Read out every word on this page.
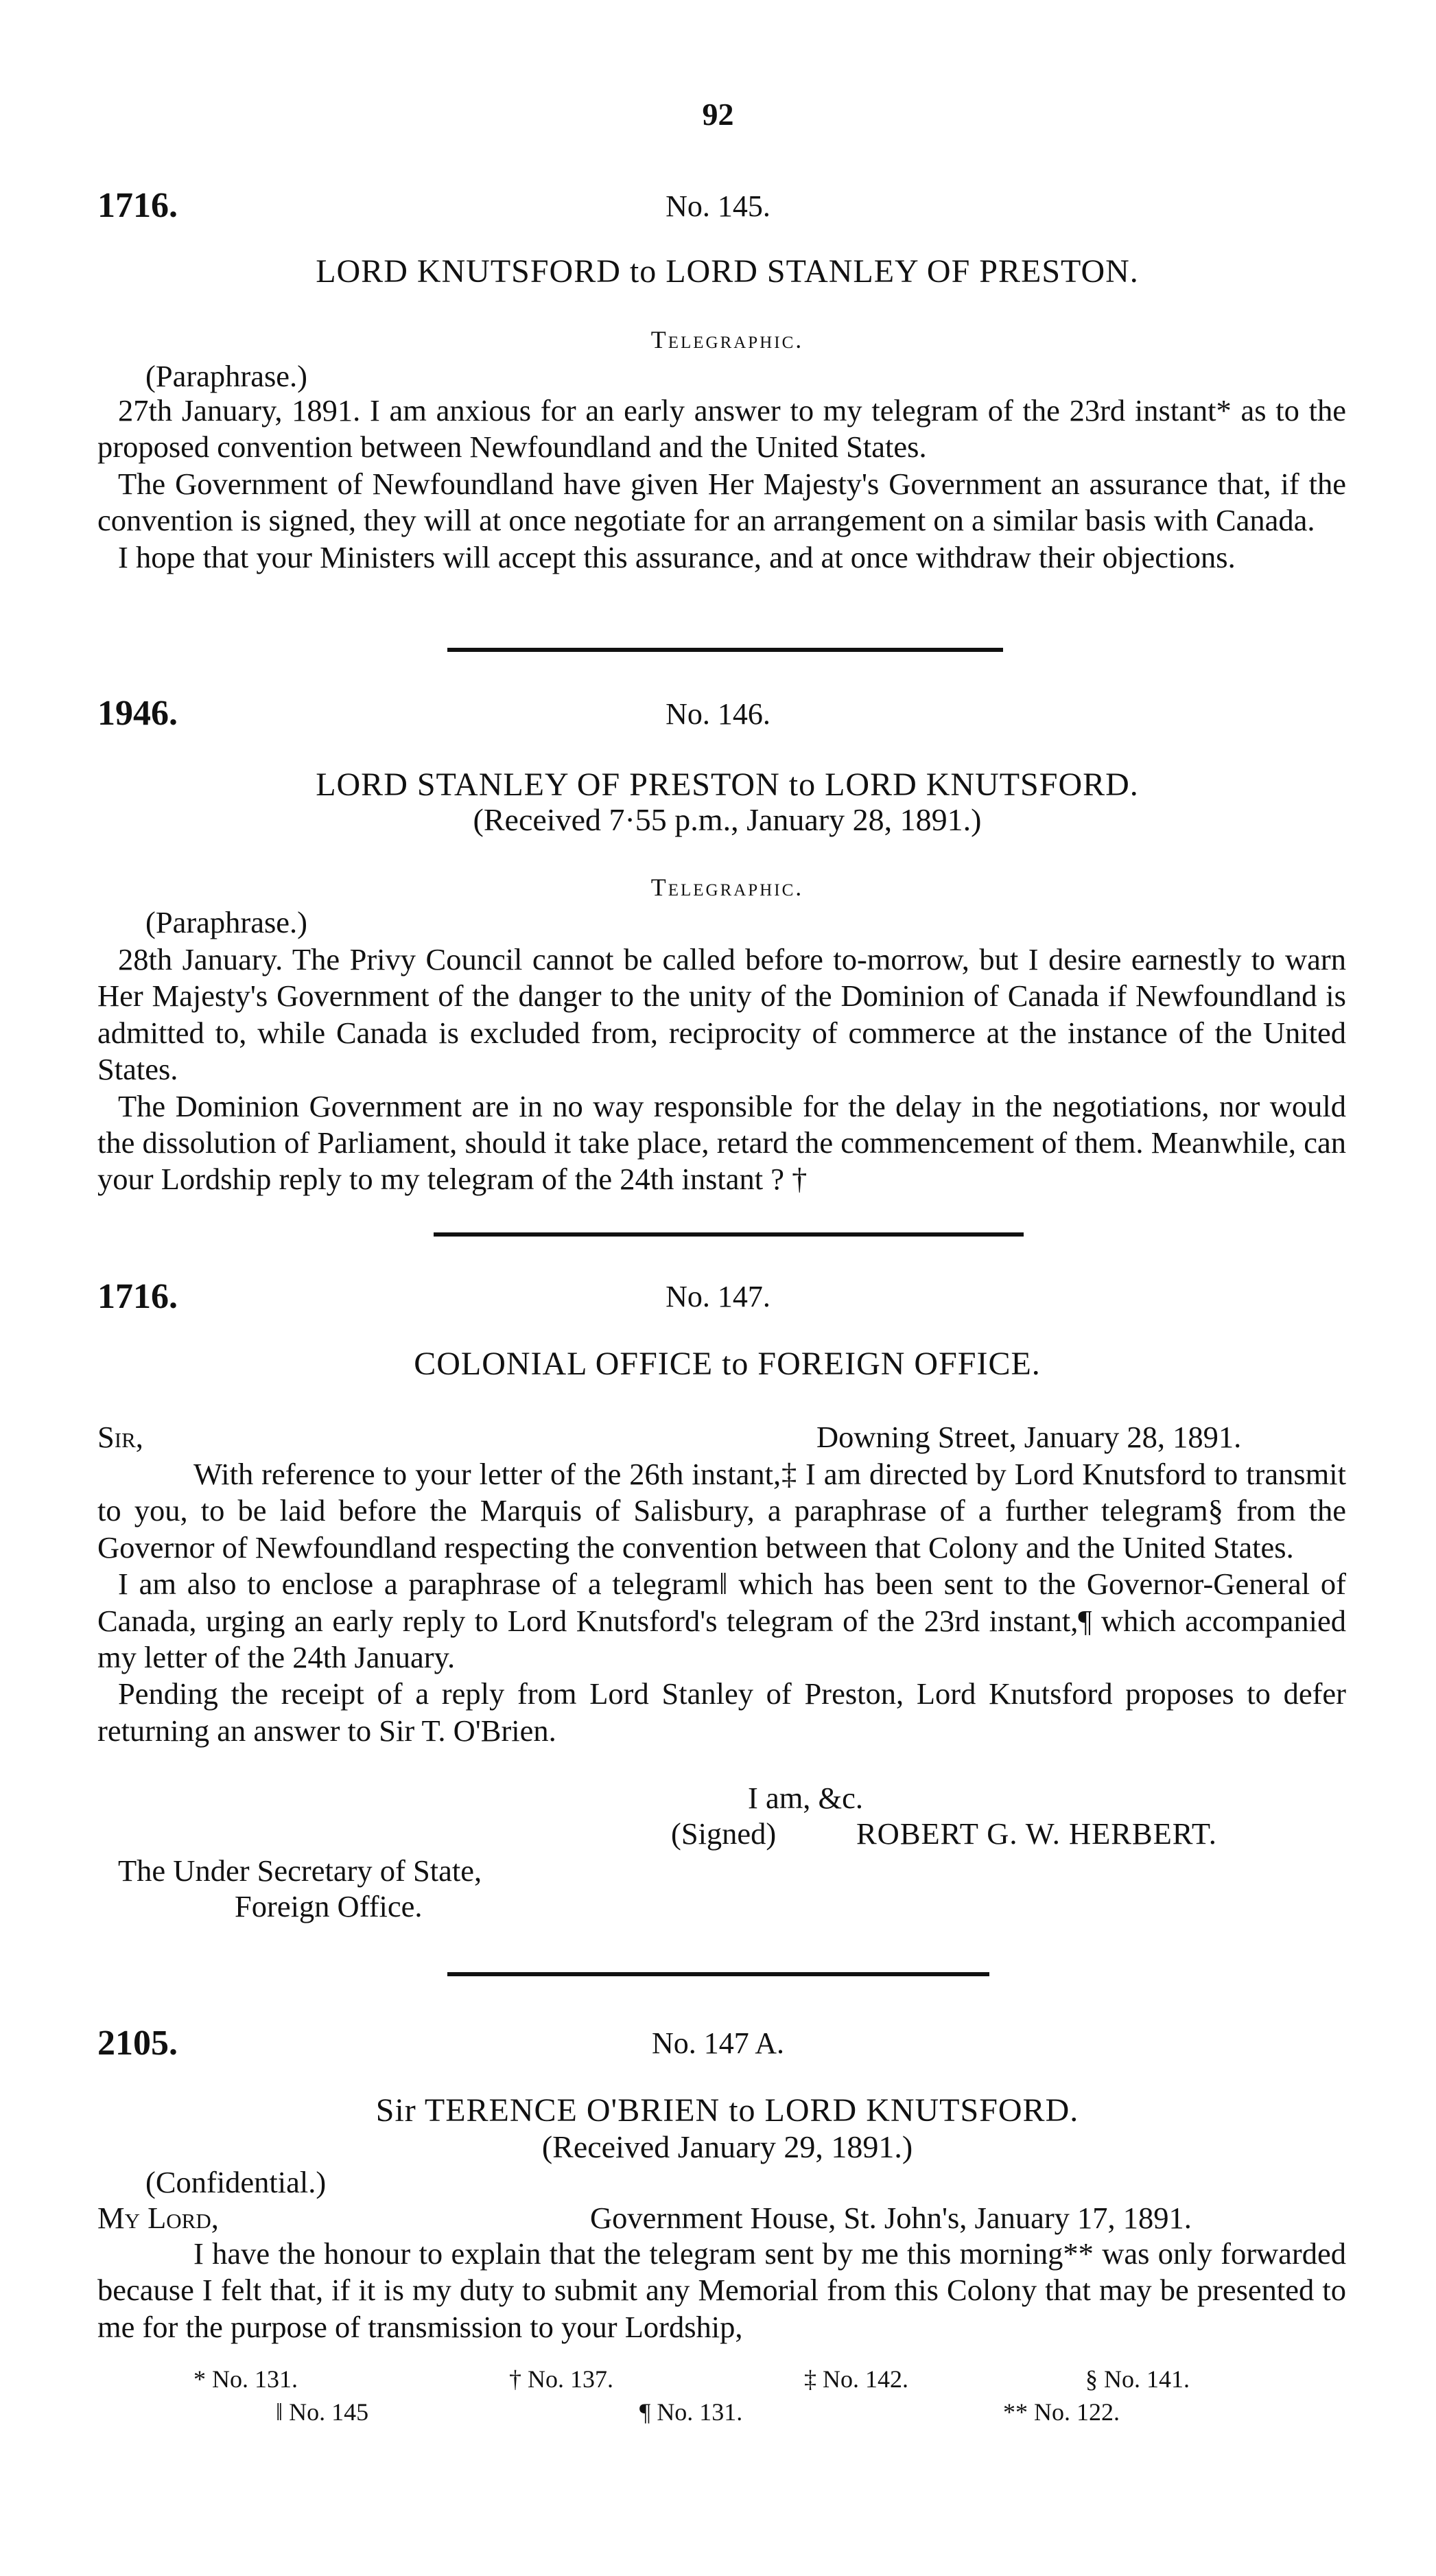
92
1716.	No. 145.
LORD KNUTSFORD to LORD STANLEY OF PRESTON.
Telegraphic.
(Paraphrase.)
27th January, 1891. I am anxious for an early answer to my telegram of the 23rd instant* as to the proposed convention between Newfoundland and the United States.
The Government of Newfoundland have given Her Majesty's Government an assurance that, if the convention is signed, they will at once negotiate for an arrangement on a similar basis with Canada.
I hope that your Ministers will accept this assurance, and at once withdraw their objections.
1946.	No. 146.
LORD STANLEY OF PRESTON to LORD KNUTSFORD.
(Received 7·55 p.m., January 28, 1891.)
Telegraphic.
(Paraphrase.)
28th January. The Privy Council cannot be called before to-morrow, but I desire earnestly to warn Her Majesty's Government of the danger to the unity of the Dominion of Canada if Newfoundland is admitted to, while Canada is excluded from, reciprocity of commerce at the instance of the United States.
The Dominion Government are in no way responsible for the delay in the negotiations, nor would the dissolution of Parliament, should it take place, retard the commencement of them. Meanwhile, can your Lordship reply to my telegram of the 24th instant ? †
1716.	No. 147.
COLONIAL OFFICE to FOREIGN OFFICE.
Sir,	Downing Street, January 28, 1891.
With reference to your letter of the 26th instant,‡ I am directed by Lord Knutsford to transmit to you, to be laid before the Marquis of Salisbury, a paraphrase of a further telegram§ from the Governor of Newfoundland respecting the convention between that Colony and the United States.
I am also to enclose a paraphrase of a telegram‖ which has been sent to the Governor-General of Canada, urging an early reply to Lord Knutsford's telegram of the 23rd instant,¶ which accompanied my letter of the 24th January.
Pending the receipt of a reply from Lord Stanley of Preston, Lord Knutsford proposes to defer returning an answer to Sir T. O'Brien.
I am, &c.
(Signed)	ROBERT G. W. HERBERT.
The Under Secretary of State,
Foreign Office.
2105.	No. 147 A.
Sir TERENCE O'BRIEN to LORD KNUTSFORD.
(Received January 29, 1891.)
(Confidential.)
My Lord,	Government House, St. John's, January 17, 1891.
I have the honour to explain that the telegram sent by me this morning** was only forwarded because I felt that, if it is my duty to submit any Memorial from this Colony that may be presented to me for the purpose of transmission to your Lordship,
* No. 131.	† No. 137.	‡ No. 142.	§ No. 141.
‖ No. 145	¶ No. 131.	** No. 122.
